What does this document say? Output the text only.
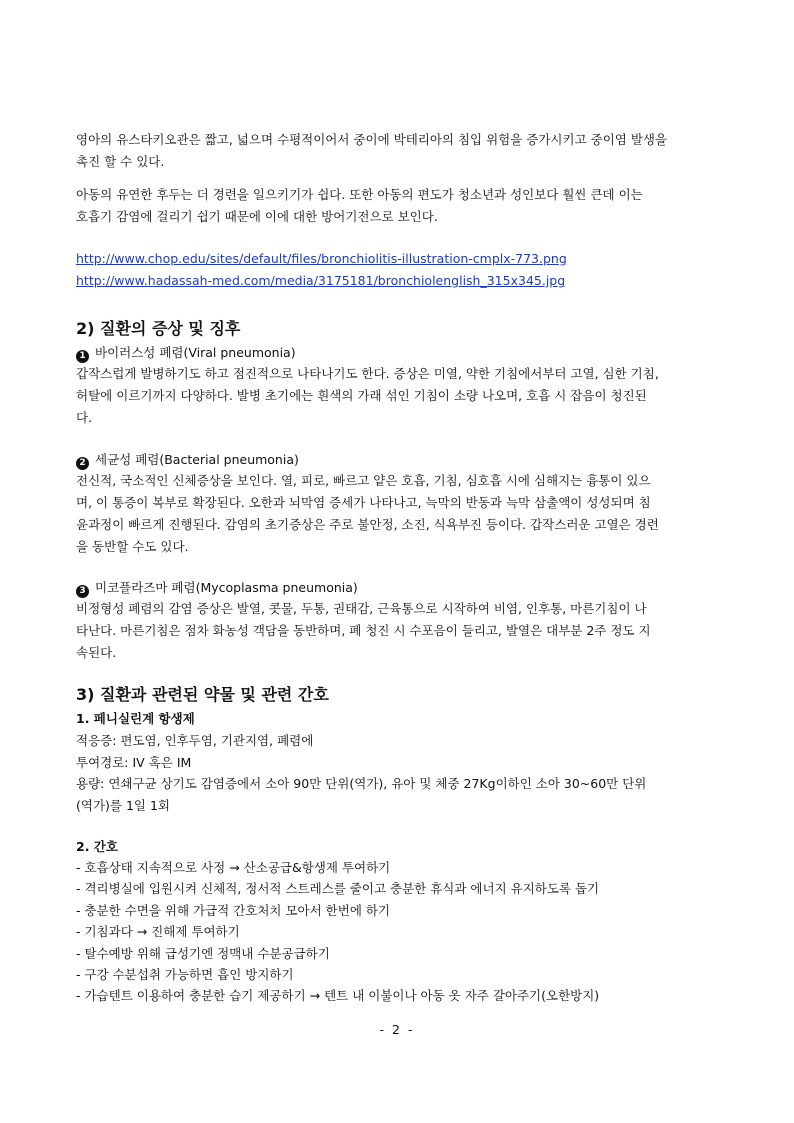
영아의 유스타키오관은 짧고, 넓으며 수평적이어서 중이에 박테리아의 침입 위험을 증가시키고 중이염 발생을
촉진 할 수 있다.
아동의 유연한 후두는 더 경련을 일으키기가 쉽다. 또한 아동의 편도가 청소년과 성인보다 훨씬 큰데 이는
호흡기 감염에 걸리기 쉽기 때문에 이에 대한 방어기전으로 보인다.
http://www.chop.edu/sites/default/files/bronchiolitis-illustration-cmplx-773.png
http://www.hadassah-med.com/media/3175181/bronchiolenglish_315x345.jpg
2) 질환의 증상 및 징후
1 바이러스성 폐렴(Viral pneumonia)
갑작스럽게 발병하기도 하고 점진적으로 나타나기도 한다. 증상은 미열, 약한 기침에서부터 고열, 심한 기침,
허탈에 이르기까지 다양하다. 발병 초기에는 흰색의 가래 섞인 기침이 소량 나오며, 호흡 시 잡음이 청진된
다.
2 세균성 폐렴(Bacterial pneumonia)
전신적, 국소적인 신체증상을 보인다. 열, 피로, 빠르고 얕은 호흡, 기침, 심호흡 시에 심해지는 흉통이 있으
며, 이 통증이 복부로 확장된다. 오한과 뇌막염 증세가 나타나고, 늑막의 반동과 늑막 삼출액이 성성되며 침
윤과정이 빠르게 진행된다. 감염의 초기증상은 주로 불안정, 소진, 식욕부진 등이다. 갑작스러운 고열은 경련
을 동반할 수도 있다.
3 미코플라즈마 폐렴(Mycoplasma pneumonia)
비정형성 폐렴의 감염 증상은 발열, 콧물, 두통, 권태감, 근육통으로 시작하여 비염, 인후통, 마른기침이 나
타난다. 마른기침은 점차 화농성 객담을 동반하며, 폐 청진 시 수포음이 들리고, 발열은 대부분 2주 정도 지
속된다.
3) 질환과 관련된 약물 및 관련 간호
1. 페니실린계 항생제
적응증: 편도염, 인후두염, 기관지염, 폐렴에
투여경로: IV 혹은 IM
용량: 연쇄구균 상기도 감염증에서 소아 90만 단위(역가), 유아 및 체중 27Kg이하인 소아 30~60만 단위
(역가)를 1일 1회
2. 간호
- 호흡상태 지속적으로 사정 → 산소공급&항생제 투여하기
- 격리병실에 입원시켜 신체적, 정서적 스트레스를 줄이고 충분한 휴식과 에너지 유지하도록 돕기
- 충분한 수면을 위해 가급적 간호처치 모아서 한번에 하기
- 기침과다 → 진해제 투여하기
- 탈수예방 위해 급성기엔 정맥내 수분공급하기
- 구강 수분섭취 가능하면 흡인 방지하기
- 가습텐트 이용하여 충분한 습기 제공하기 → 텐트 내 이불이나 아동 옷 자주 갈아주기(오한방지)
- 2 -
